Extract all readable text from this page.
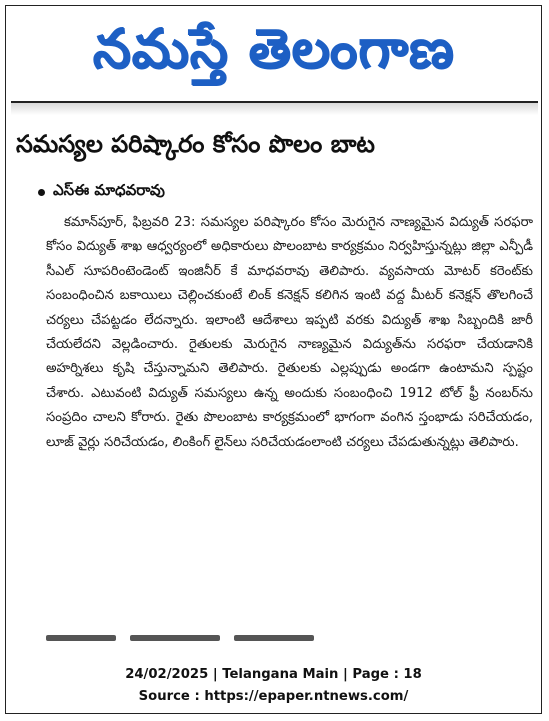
నమస్తే తెలంగాణ
సమస్యల పరిష్కారం కోసం పొలం బాట
ఎస్‌ఈ మాధవరావు

కమాన్‌పూర్, ఫిబ్రవరి 23: సమస్యల పరిష్కారం కోసం మెరుగైన నాణ్యమైన విద్యుత్ సరఫరా కోసం విద్యుత్ శాఖ ఆధ్వర్యంలో అధికారులు పొలంబాట కార్యక్రమం నిర్వహిస్తున్నట్లు జిల్లా ఎన్పీడీ సీఎల్ సూపరింటెండెంట్ ఇంజినీర్ కే మాధవరావు తెలిపారు. వ్యవసాయ మోటర్ కరెంట్‌కు సంబంధించిన బకాయిలు చెల్లించకుంటే లింక్ కనెక్షన్ కలిగిన ఇంటి వద్ద మీటర్ కనెక్షన్ తొలగించే చర్యలు చేపట్టడం లేదన్నారు. ఇలాంటి ఆదేశాలు ఇప్పటి వరకు విద్యుత్ శాఖ సిబ్బందికి జారీ చేయలేదని వెల్లడించారు. రైతులకు మెరుగైన నాణ్యమైన విద్యుత్‌ను సరఫరా చేయడానికి అహర్నిశలు కృషి చేస్తున్నామని తెలిపారు. రైతులకు ఎల్లప్పుడు అండగా ఉంటామని స్పష్టం చేశారు. ఎటువంటి విద్యుత్ సమస్యలు ఉన్న అందుకు సంబంధించి 1912 టోల్ ఫ్రీ నంబర్‌ను సంప్రదిం చాలని కోరారు. రైతు పొలంబాట కార్యక్రమంలో భాగంగా వంగిన స్తంభాడు సరిచేయడం, లూజ్ వైర్లు సరిచేయడం, లింకింగ్ లైన్‌లు సరిచేయడంలాంటి చర్యలు చేపడుతున్నట్లు తెలిపారు.

24/02/2025 | Telangana Main | Page : 18
Source : https://epaper.ntnews.com/
